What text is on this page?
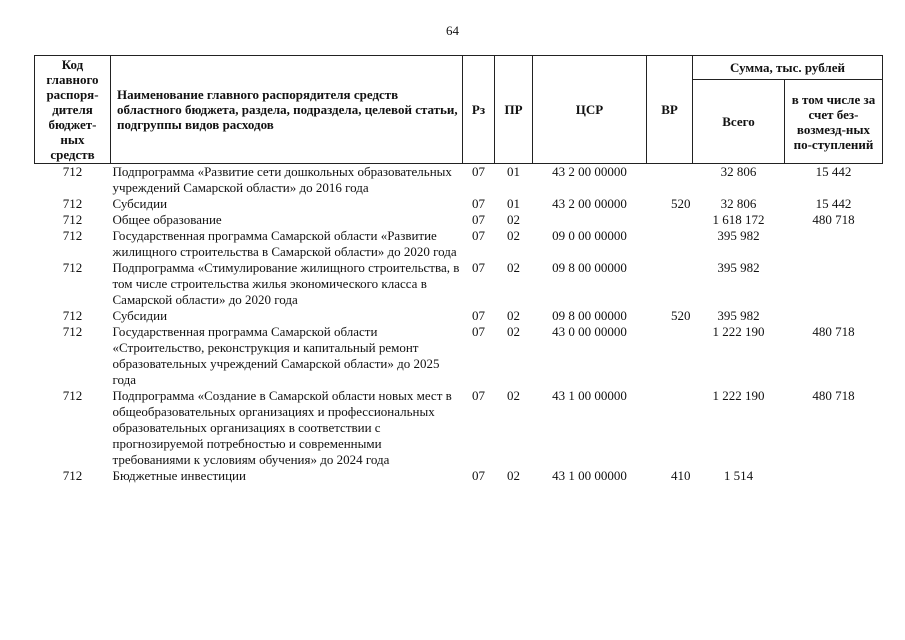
64
Код главного распоря-дителя бюджет-ных средств	Наименование главного распорядителя средств областного бюджета, раздела, подраздела, целевой статьи, подгруппы видов расходов	Рз	ПР	ЦСР	ВР	Сумма, тыс. рублей	
						Всего	в том числе за счет без-возмезд-ных по-ступлений
712	Подпрограмма «Развитие сети дошкольных образовательных учреждений Самарской области» до 2016 года	07	01	43 2 00 00000		32 806	15 442
712	Субсидии	07	01	43 2 00 00000	520	32 806	15 442
712	Общее образование	07	02			1 618 172	480 718
712	Государственная программа Самарской области «Развитие жилищного строительства в Самарской области» до 2020 года	07	02	09 0 00 00000		395 982	
712	Подпрограмма «Стимулирование жилищного строительства, в том числе строительства жилья экономического класса в Самарской области» до 2020 года	07	02	09 8 00 00000		395 982	
712	Субсидии	07	02	09 8 00 00000	520	395 982	
712	Государственная программа Самарской области «Строительство, реконструкция и капитальный ремонт образовательных учреждений Самарской области» до 2025 года	07	02	43 0 00 00000		1 222 190	480 718
712	Подпрограмма «Создание в Самарской области новых мест в общеобразовательных организациях и профессиональных образовательных организациях в соответствии с прогнозируемой потребностью и современными требованиями к условиям обучения» до 2024 года	07	02	43 1 00 00000		1 222 190	480 718
712	Бюджетные инвестиции	07	02	43 1 00 00000	410	1 514	
